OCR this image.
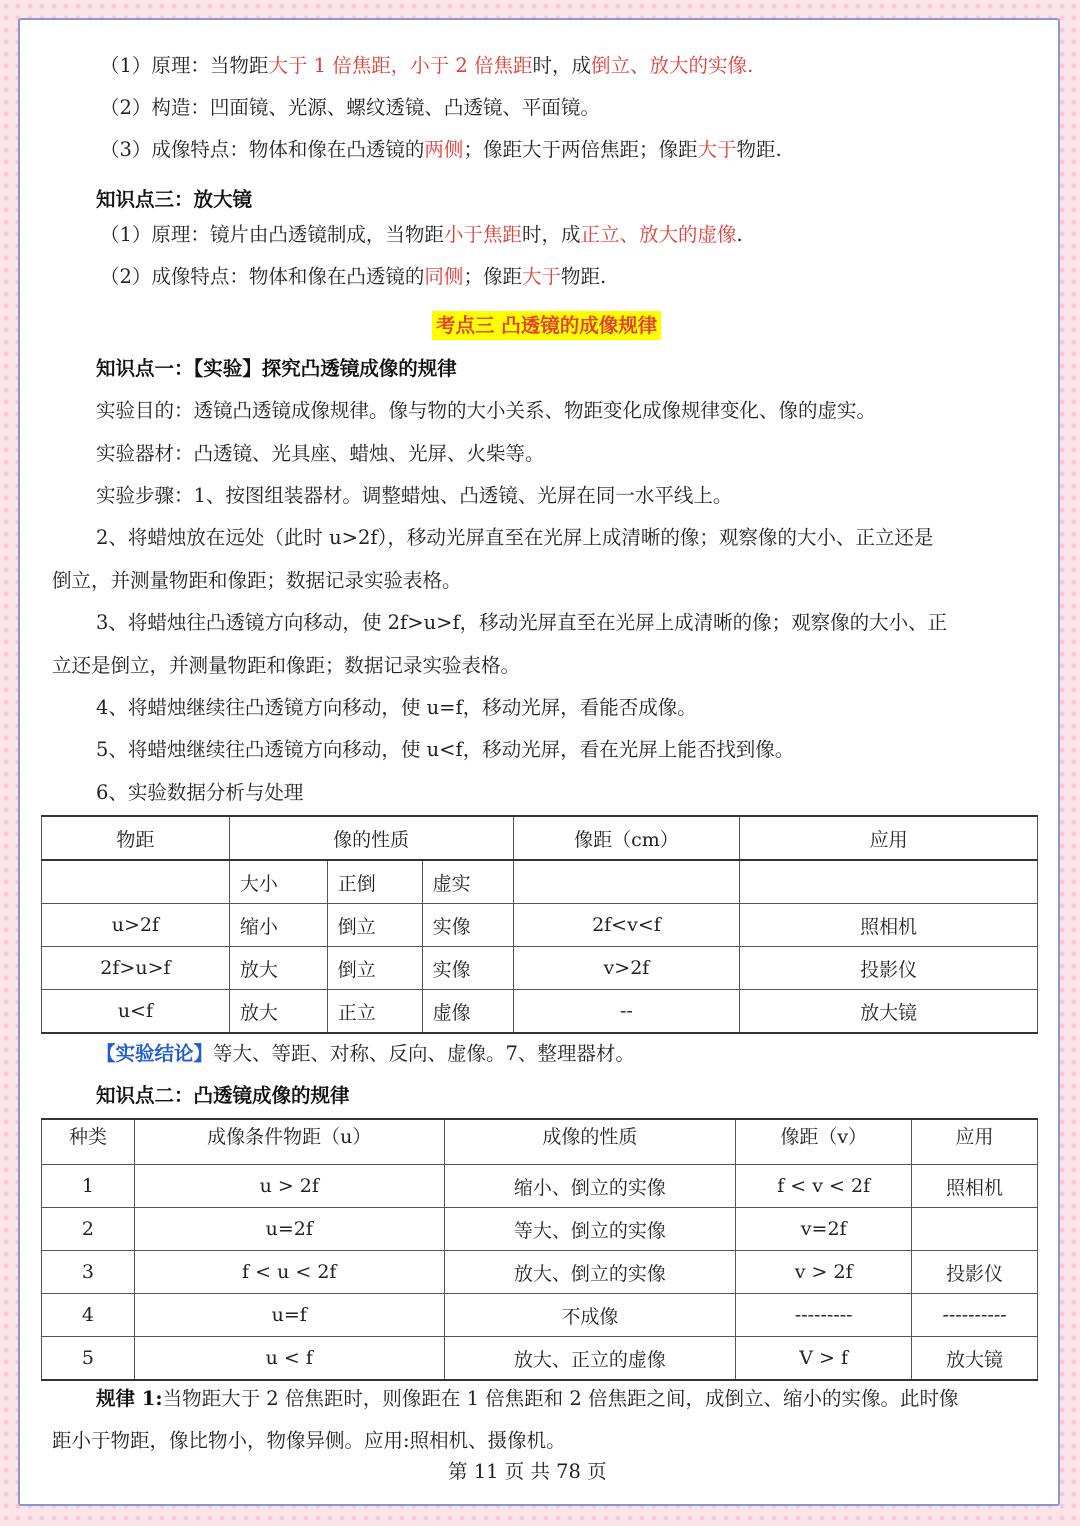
（1）原理：当物距大于 1 倍焦距，小于 2 倍焦距时，成倒立、放大的实像.
（2）构造：凹面镜、光源、螺纹透镜、凸透镜、平面镜。
（3）成像特点：物体和像在凸透镜的两侧；像距大于两倍焦距；像距大于物距.
知识点三：放大镜
（1）原理：镜片由凸透镜制成，当物距小于焦距时，成正立、放大的虚像.
（2）成像特点：物体和像在凸透镜的同侧；像距大于物距.
考点三 凸透镜的成像规律
知识点一：【实验】探究凸透镜成像的规律
实验目的：透镜凸透镜成像规律。像与物的大小关系、物距变化成像规律变化、像的虚实。
实验器材：凸透镜、光具座、蜡烛、光屏、火柴等。
实验步骤：1、按图组装器材。调整蜡烛、凸透镜、光屏在同一水平线上。
2、将蜡烛放在远处（此时 u>2f），移动光屏直至在光屏上成清晰的像；观察像的大小、正立还是
倒立，并测量物距和像距；数据记录实验表格。
3、将蜡烛往凸透镜方向移动，使 2f>u>f，移动光屏直至在光屏上成清晰的像；观察像的大小、正
立还是倒立，并测量物距和像距；数据记录实验表格。
4、将蜡烛继续往凸透镜方向移动，使 u=f，移动光屏，看能否成像。
5、将蜡烛继续往凸透镜方向移动，使 u<f，移动光屏，看在光屏上能否找到像。
6、实验数据分析与处理
物距	像的性质			像距（cm）	应用
	大小	正倒	虚实		
u>2f	缩小	倒立	实像	2f<v<f	照相机
2f>u>f	放大	倒立	实像	v>2f	投影仪
u<f	放大	正立	虚像	--	放大镜
【实验结论】等大、等距、对称、反向、虚像。7、整理器材。
知识点二：凸透镜成像的规律
种类	成像条件物距（u）	成像的性质	像距（v）	应用
1	u > 2f	缩小、倒立的实像	f < v < 2f	照相机
2	u=2f	等大、倒立的实像	v=2f	
3	f < u < 2f	放大、倒立的实像	v > 2f	投影仪
4	u=f	不成像	---------	----------
5	u < f	放大、正立的虚像	V > f	放大镜
规律 1:当物距大于 2 倍焦距时，则像距在 1 倍焦距和 2 倍焦距之间，成倒立、缩小的实像。此时像
距小于物距，像比物小，物像异侧。应用:照相机、摄像机。
第 11 页 共 78 页
